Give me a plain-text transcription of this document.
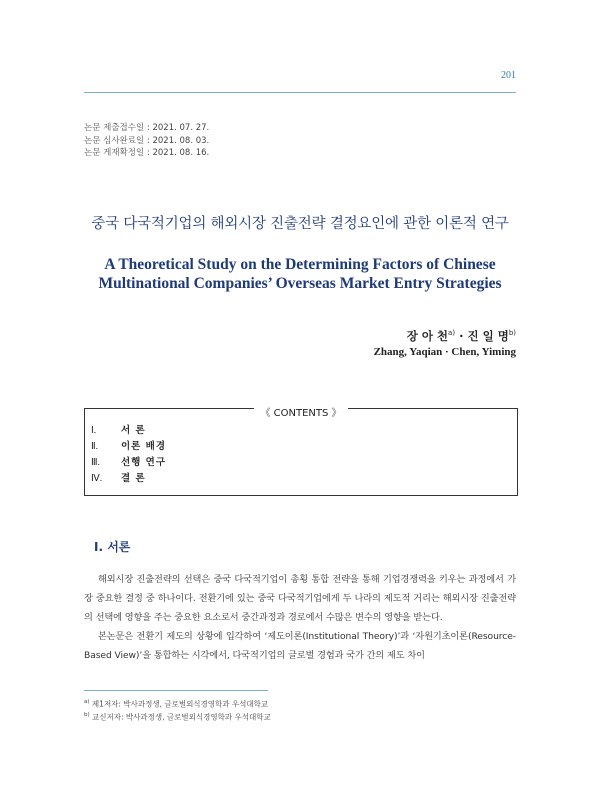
201
논문 제출접수일 : 2021. 07. 27.
논문 심사완료일 : 2021. 08. 03.
논문 게재확정일 : 2021. 08. 16.
중국 다국적기업의 해외시장 진출전략 결정요인에 관한 이론적 연구
A Theoretical Study on the Determining Factors of Chinese
Multinational Companies’ Overseas Market Entry Strategies
장 아 천$^{a)}$ · 진 일 명$^{b)}$
Zhang, Yaqian · Chen, Yiming
《 CONTENTS 》
Ⅰ.	서 론
Ⅱ. 이론 배경
Ⅲ. 선행 연구
Ⅳ. 결 론
Ⅰ. 서론

해외시장 진출전략의 선택은 중국 다국적기업이 총횡 통합 전략을 통해 기업경쟁력을 키우는 과정에서 가장 중요한 결정 중 하나이다. 전환기에 있는 중국 다국적기업에게 두 나라의 제도적 거리는 해외시장 진출전략의 선택에 영향을 주는 중요한 요소로서 중간과정과 경로에서 수많은 변수의 영향을 받는다.

본논문은 전환기 제도의 상황에 입각하여 ‘제도이론(Institutional Theory)’과 ‘자원기초이론(Resource-Based View)’을 통합하는 시각에서, 다국적기업의 글로벌 경험과 국가 간의 제도 차이

$^{a)}$ 제1저자: 박사과정생, 글로벌외식경영학과 우석대학교
$^{b)}$ 교신저자: 박사과정생, 글로벌외식경영학과 우석대학교
